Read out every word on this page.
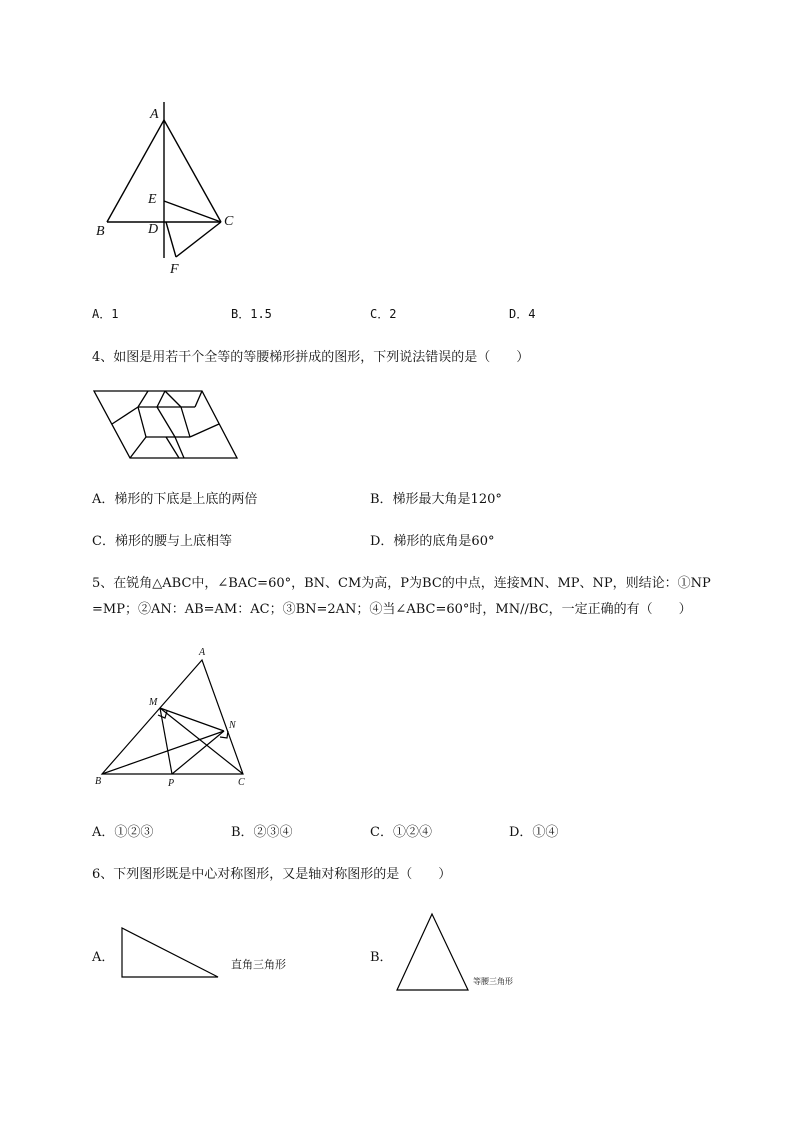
A
E
D
B
C
F
A．1	B．1.5	C．2	D．4
4、如图是用若干个全等的等腰梯形拼成的图形，下列说法错误的是（　　）
A．梯形的下底是上底的两倍	B．梯形最大角是120°
C．梯形的腰与上底相等	D．梯形的底角是60°
5、在锐角△ABC中，∠BAC=60°，BN、CM为高，P为BC的中点，连接MN、MP、NP，则结论：①NP
=MP；②AN：AB=AM：AC；③BN=2AN；④当∠ABC=60°时，MN//BC，一定正确的有（　　）
A
M
N
B	P	C
A．①②③	B．②③④	C．①②④	D．①④
6、下列图形既是中心对称图形，又是轴对称图形的是（　　）
A．	直角三角形	B．
等腰三角形
